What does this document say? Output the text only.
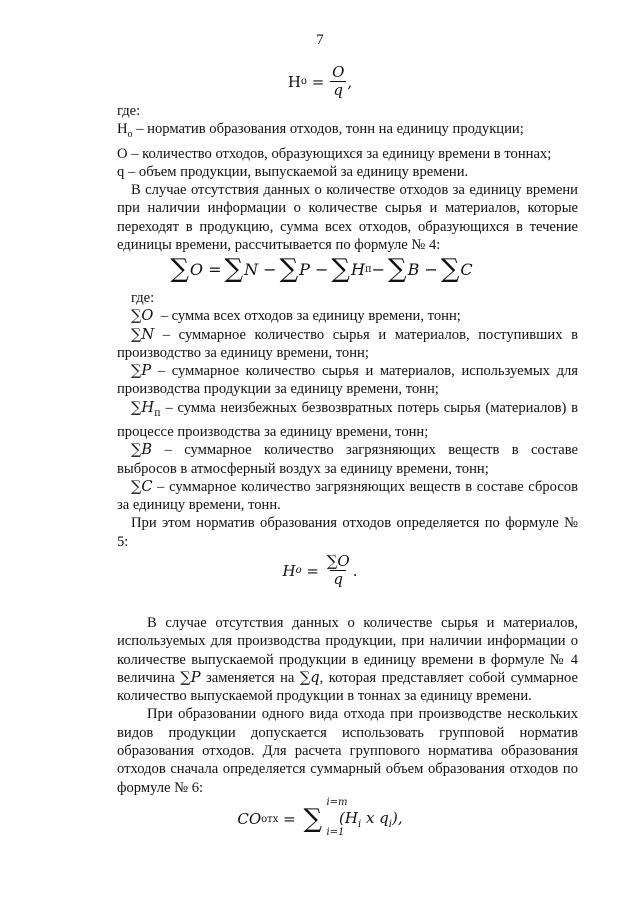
7
Н $о = \frac{O}{q}$ ,

где:

$Н_о$ – норматив образования отходов, тонн на единицу продукции;

О – количество отходов, образующихся за единицу времени в тоннах;

q – объем продукции, выпускаемой за единицу времени.

В случае отсутствия данных о количестве отходов за единицу времени при наличии информации о количестве сырья и материалов, которые переходят в продукцию, сумма всех отходов, образующихся в течение единицы времени, рассчитывается по формуле № 4:

∑ O = ∑ N − ∑ P − ∑ H п − ∑ B − ∑ C

где:

∑O  – сумма всех отходов за единицу времени, тонн;

∑N – суммарное количество сырья и материалов, поступивших в производство за единицу времени, тонн;

∑P – суммарное количество сырья и материалов, используемых для производства продукции за единицу времени, тонн;

$\sum H_п$ – сумма неизбежных безвозвратных потерь сырья (материалов) в процессе производства за единицу времени, тонн;

∑B – суммарное количество загрязняющих веществ в составе выбросов в атмосферный воздух за единицу времени, тонн;

∑C – суммарное количество загрязняющих веществ в составе сбросов за единицу времени, тонн.

При этом норматив образования отходов определяется по формуле № 5:

H $o = \frac{\sum O}{q}$ .

В случае отсутствия данных о количестве сырья и материалов, используемых для производства продукции, при наличии информации о количестве выпускаемой продукции в единицу времени в формуле № 4 величина ∑P заменяется на ∑q, которая представляет собой суммарное количество выпускаемой продукции в тоннах за единицу времени.

При образовании одного вида отхода при производстве нескольких видов продукции допускается использовать групповой норматив образования отходов. Для расчета группового норматива образования отходов сначала определяется суммарный объем образования отходов по формуле № 6:

CO отх = ∑
i=m
i=1
($H_i$ x $q_i$),
